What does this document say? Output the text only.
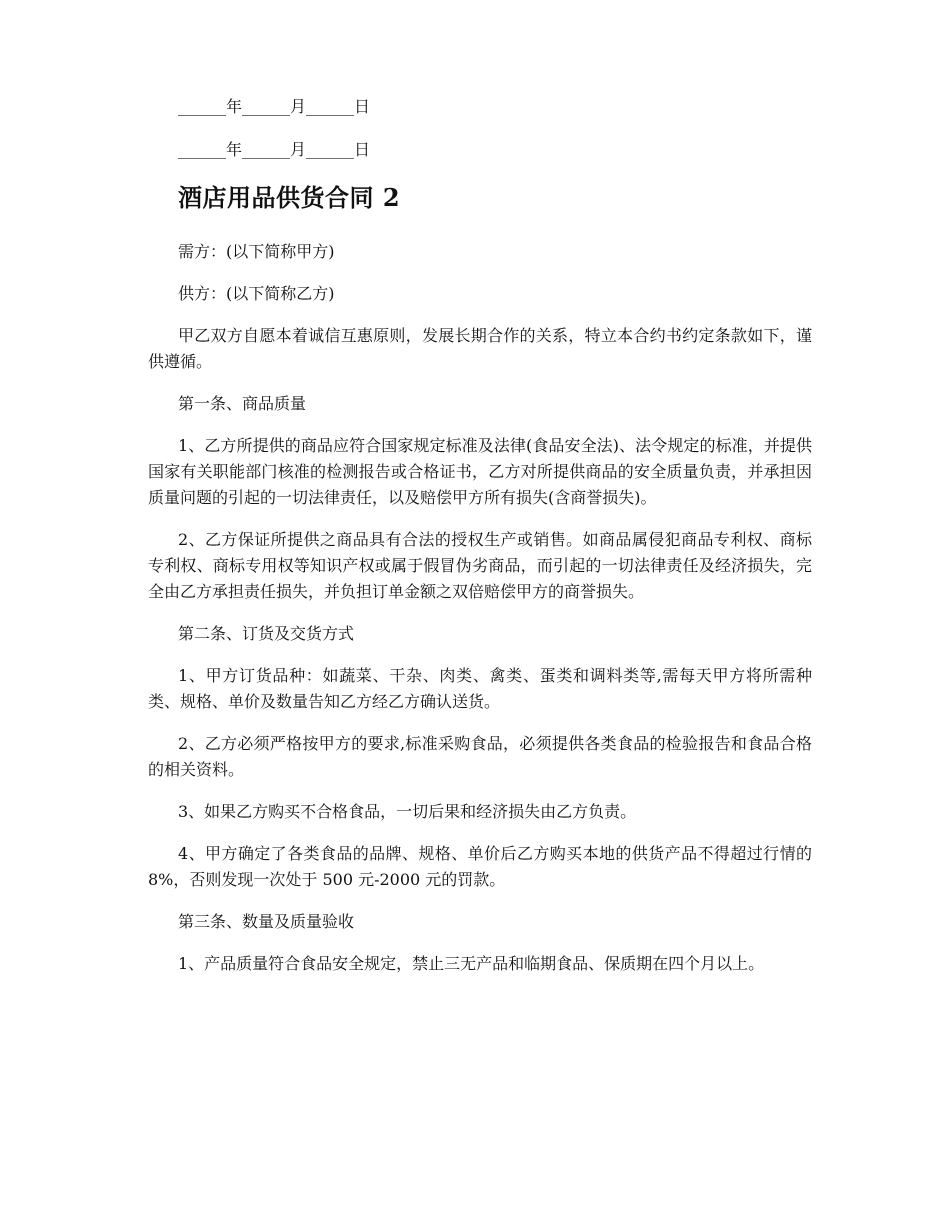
______年______月______日

______年______月______日

酒店用品供货合同 2

需方：(以下简称甲方)

供方：(以下简称乙方)

甲乙双方自愿本着诚信互惠原则，发展长期合作的关系，特立本合约书约定条款如下，谨供遵循。

第一条、商品质量

1、乙方所提供的商品应符合国家规定标准及法律(食品安全法)、法令规定的标准，并提供国家有关职能部门核准的检测报告或合格证书，乙方对所提供商品的安全质量负责，并承担因质量问题的引起的一切法律责任，以及赔偿甲方所有损失(含商誉损失)。

2、乙方保证所提供之商品具有合法的授权生产或销售。如商品属侵犯商品专利权、商标专利权、商标专用权等知识产权或属于假冒伪劣商品，而引起的一切法律责任及经济损失，完全由乙方承担责任损失，并负担订单金额之双倍赔偿甲方的商誉损失。

第二条、订货及交货方式

1、甲方订货品种：如蔬菜、干杂、肉类、禽类、蛋类和调料类等,需每天甲方将所需种类、规格、单价及数量告知乙方经乙方确认送货。

2、乙方必须严格按甲方的要求,标准采购食品，必须提供各类食品的检验报告和食品合格的相关资料。

3、如果乙方购买不合格食品，一切后果和经济损失由乙方负责。

4、甲方确定了各类食品的品牌、规格、单价后乙方购买本地的供货产品不得超过行情的 8%，否则发现一次处于 500 元-2000 元的罚款。

第三条、数量及质量验收

1、产品质量符合食品安全规定，禁止三无产品和临期食品、保质期在四个月以上。
